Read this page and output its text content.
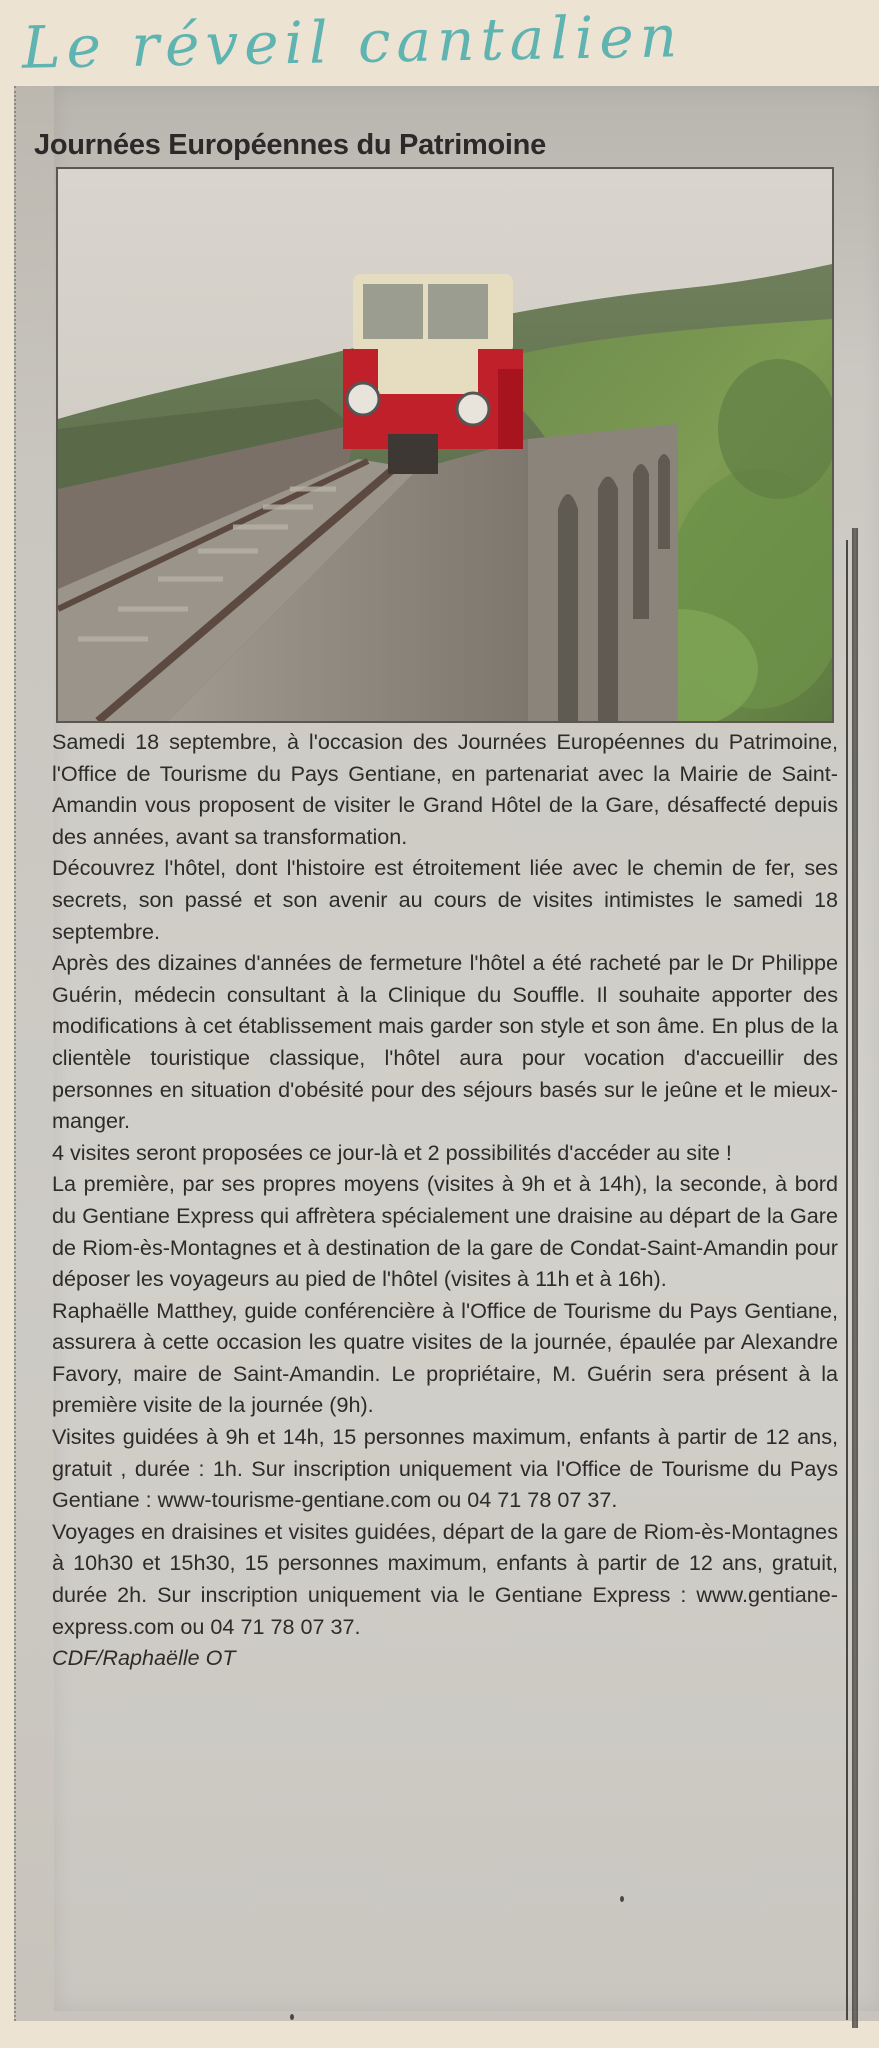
Le réveil cantalien
Journées Européennes du Patrimoine

Samedi 18 septembre, à l'occasion des Journées Européennes du Patrimoine, l'Office de Tourisme du Pays Gentiane, en partenariat avec la Mairie de Saint-Amandin vous proposent de visiter le Grand Hôtel de la Gare, désaffecté depuis des années, avant sa transformation.

Découvrez l'hôtel, dont l'histoire est étroitement liée avec le chemin de fer, ses secrets, son passé et son avenir au cours de visites intimistes le samedi 18 septembre.

Après des dizaines d'années de fermeture l'hôtel a été racheté par le Dr Philippe Guérin, médecin consultant à la Clinique du Souffle. Il souhaite apporter des modifications à cet établissement mais garder son style et son âme. En plus de la clientèle touristique classique, l'hôtel aura pour vocation d'accueillir des personnes en situation d'obésité pour des séjours basés sur le jeûne et le mieux-manger.

4 visites seront proposées ce jour-là et 2 possibilités d'accéder au site !

La première, par ses propres moyens (visites à 9h et à 14h), la seconde, à bord du Gentiane Express qui affrètera spécialement une draisine au départ de la Gare de Riom-ès-Montagnes et à destination de la gare de Condat-Saint-Amandin pour déposer les voyageurs au pied de l'hôtel (visites à 11h et à 16h).

Raphaëlle Matthey, guide conférencière à l'Office de Tourisme du Pays Gentiane, assurera à cette occasion les quatre visites de la journée, épaulée par Alexandre Favory, maire de Saint-Amandin. Le propriétaire, M. Guérin sera présent à la première visite de la journée (9h).

Visites guidées à 9h et 14h, 15 personnes maximum, enfants à partir de 12 ans, gratuit , durée : 1h. Sur inscription uniquement via l'Office de Tourisme du Pays Gentiane : www-tourisme-gentiane.com ou 04 71 78 07 37.

Voyages en draisines et visites guidées, départ de la gare de Riom-ès-Montagnes à 10h30 et 15h30, 15 personnes maximum, enfants à partir de 12 ans, gratuit, durée 2h. Sur inscription uniquement via le Gentiane Express : www.gentiane-express.com ou 04 71 78 07 37.

CDF/Raphaëlle OT
